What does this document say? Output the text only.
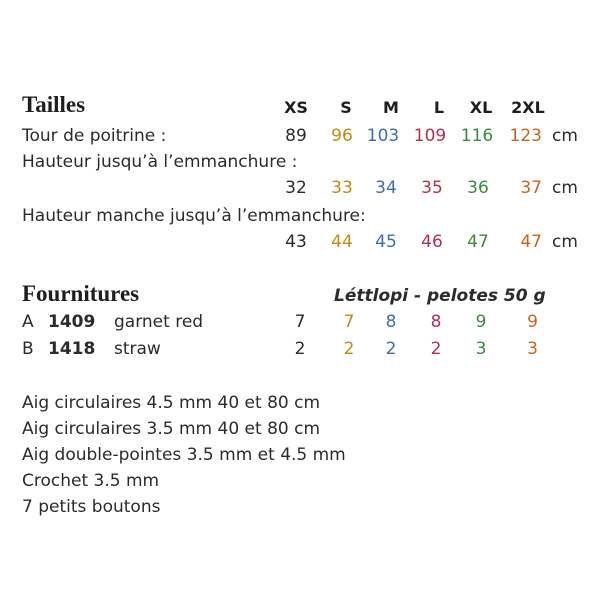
Tailles	XS	S	M	L	XL	2XL
Tour de poitrine :	89	96 103 109 116 123 cm
Hauteur jusqu’à l’emmanchure :
32	33	34	35	36	37 cm
Hauteur manche jusqu’à l’emmanchure:
43	44	45	46	47	47 cm
Fournitures	Léttlopi - pelotes 50 g
A 1409 garnet red	7	7	8	8	9	9
B 1418 straw	2	2	2	2	3	3
Aig circulaires 4.5 mm 40 et 80 cm
Aig circulaires 3.5 mm 40 et 80 cm
Aig double-pointes 3.5 mm et 4.5 mm
Crochet 3.5 mm
7 petits boutons
